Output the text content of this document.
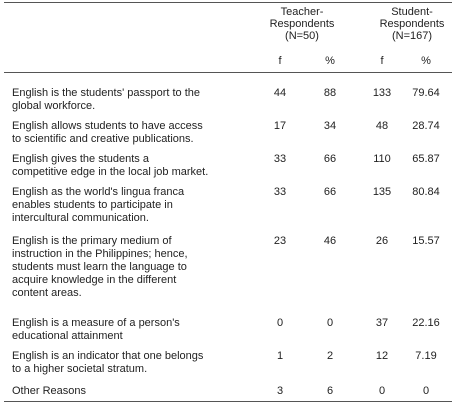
Teacher-
Respondents
(N=50)
Student-
Respondents
(N=167)
f	%	f	%
English is the students' passport to the
global workforce.
44	88	133	79.64
English allows students to have access
to scientific and creative publications.
17	34	48	28.74
English gives the students a
competitive edge in the local job market.
33	66	110	65.87
English as the world's lingua franca
enables students to participate in
intercultural communication.
33	66	135	80.84
English is the primary medium of
instruction in the Philippines; hence,
students must learn the language to
acquire knowledge in the different
content areas.
23	46	26	15.57
English is a measure of a person's
educational attainment
0	0	37	22.16
English is an indicator that one belongs
to a higher societal stratum.
1	2	12	7.19
Other Reasons	3	6	0	0
